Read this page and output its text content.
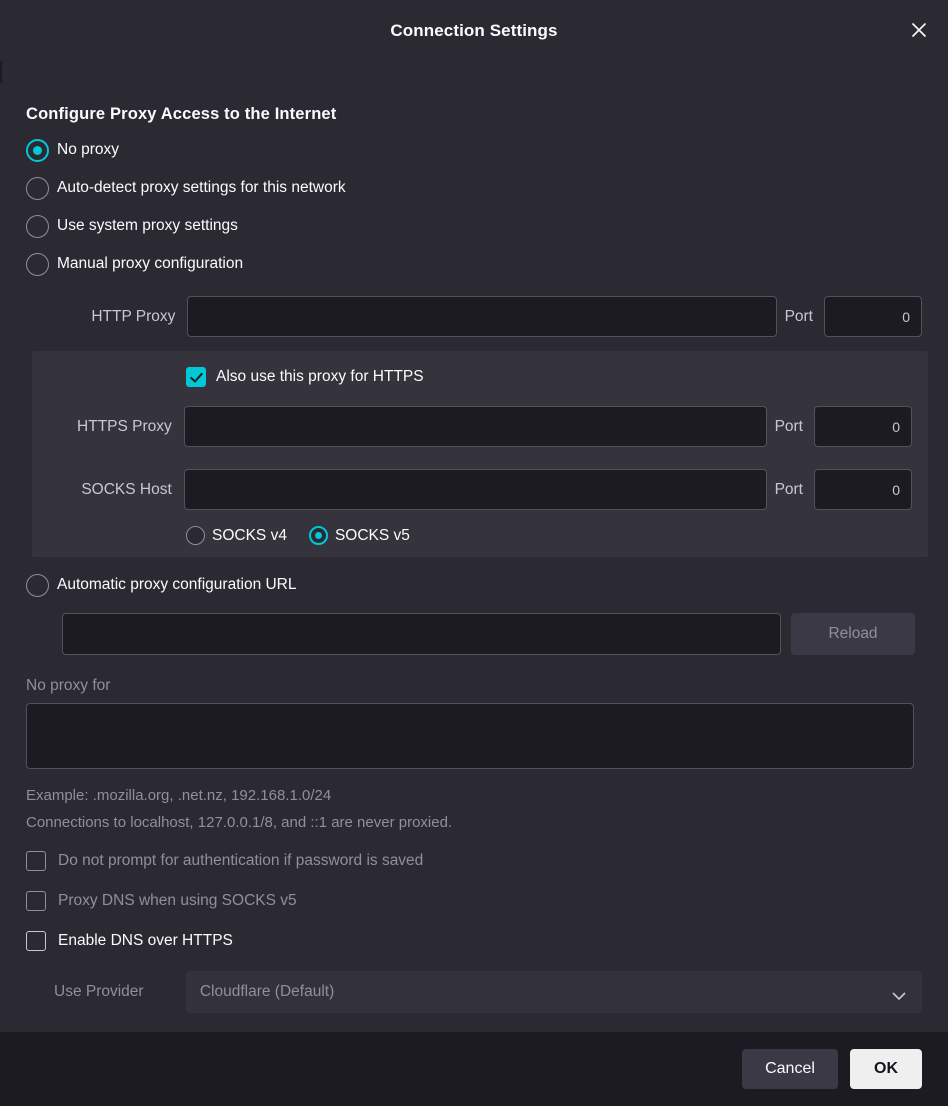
Connection Settings
Configure Proxy Access to the Internet
No proxy
Auto-detect proxy settings for this network
Use system proxy settings
Manual proxy configuration
HTTP Proxy	Port
0
Also use this proxy for HTTPS
HTTPS Proxy	Port
0
SOCKS Host	Port
0
SOCKS v4	SOCKS v5
Automatic proxy configuration URL
Reload
No proxy for
Example: .mozilla.org, .net.nz, 192.168.1.0/24
Connections to localhost, 127.0.0.1/8, and ::1 are never proxied.
Do not prompt for authentication if password is saved
Proxy DNS when using SOCKS v5
Enable DNS over HTTPS
Use Provider	Cloudflare (Default)
Cancel	OK
